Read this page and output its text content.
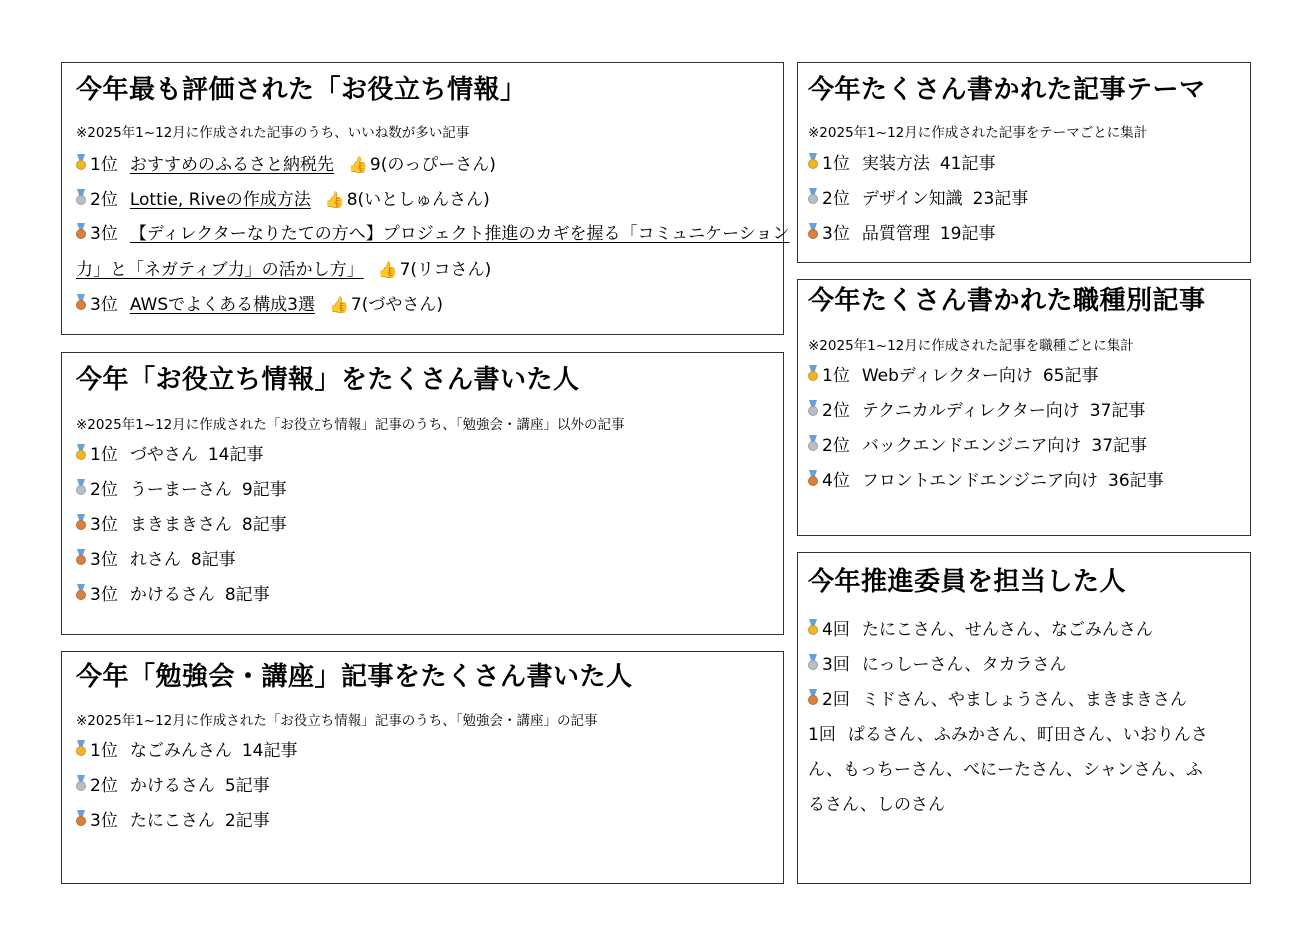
今年最も評価された「お役立ち情報」
※2025年1~12月に作成された記事のうち、いいね数が多い記事
1位 おすすめのふるさと納税先 👍 9(のっぴーさん)
2位 Lottie, Riveの作成方法 👍 8(いとしゅんさん)
3位 【ディレクターなりたての方へ】プロジェクト推進のカギを握る「コミュニケーション
力」と「ネガティブ力」の活かし方」 👍 7(リコさん)
3位 AWSでよくある構成3選 👍 7(づやさん)
今年「お役立ち情報」をたくさん書いた人
※2025年1~12月に作成された「お役立ち情報」記事のうち、「勉強会・講座」以外の記事
1位 づやさん 14記事
2位 うーまーさん 9記事
3位 まきまきさん 8記事
3位 れさん 8記事
3位 かけるさん 8記事
今年「勉強会・講座」記事をたくさん書いた人
※2025年1~12月に作成された「お役立ち情報」記事のうち、「勉強会・講座」の記事
1位 なごみんさん 14記事
2位 かけるさん 5記事
3位 たにこさん 2記事
今年たくさん書かれた記事テーマ
※2025年1~12月に作成された記事をテーマごとに集計
1位 実装方法 41記事
2位 デザイン知識 23記事
3位 品質管理 19記事
今年たくさん書かれた職種別記事
※2025年1~12月に作成された記事を職種ごとに集計
1位 Webディレクター向け 65記事
2位 テクニカルディレクター向け 37記事
2位 バックエンドエンジニア向け 37記事
4位 フロントエンドエンジニア向け 36記事
今年推進委員を担当した人
4回 たにこさん、せんさん、なごみんさん
3回 にっしーさん、タカラさん
2回 ミドさん、やましょうさん、まきまきさん
1回 ぱるさん、ふみかさん、町田さん、いおりんさん、もっちーさん、べにーたさん、シャンさん、ふるさん、しのさん
